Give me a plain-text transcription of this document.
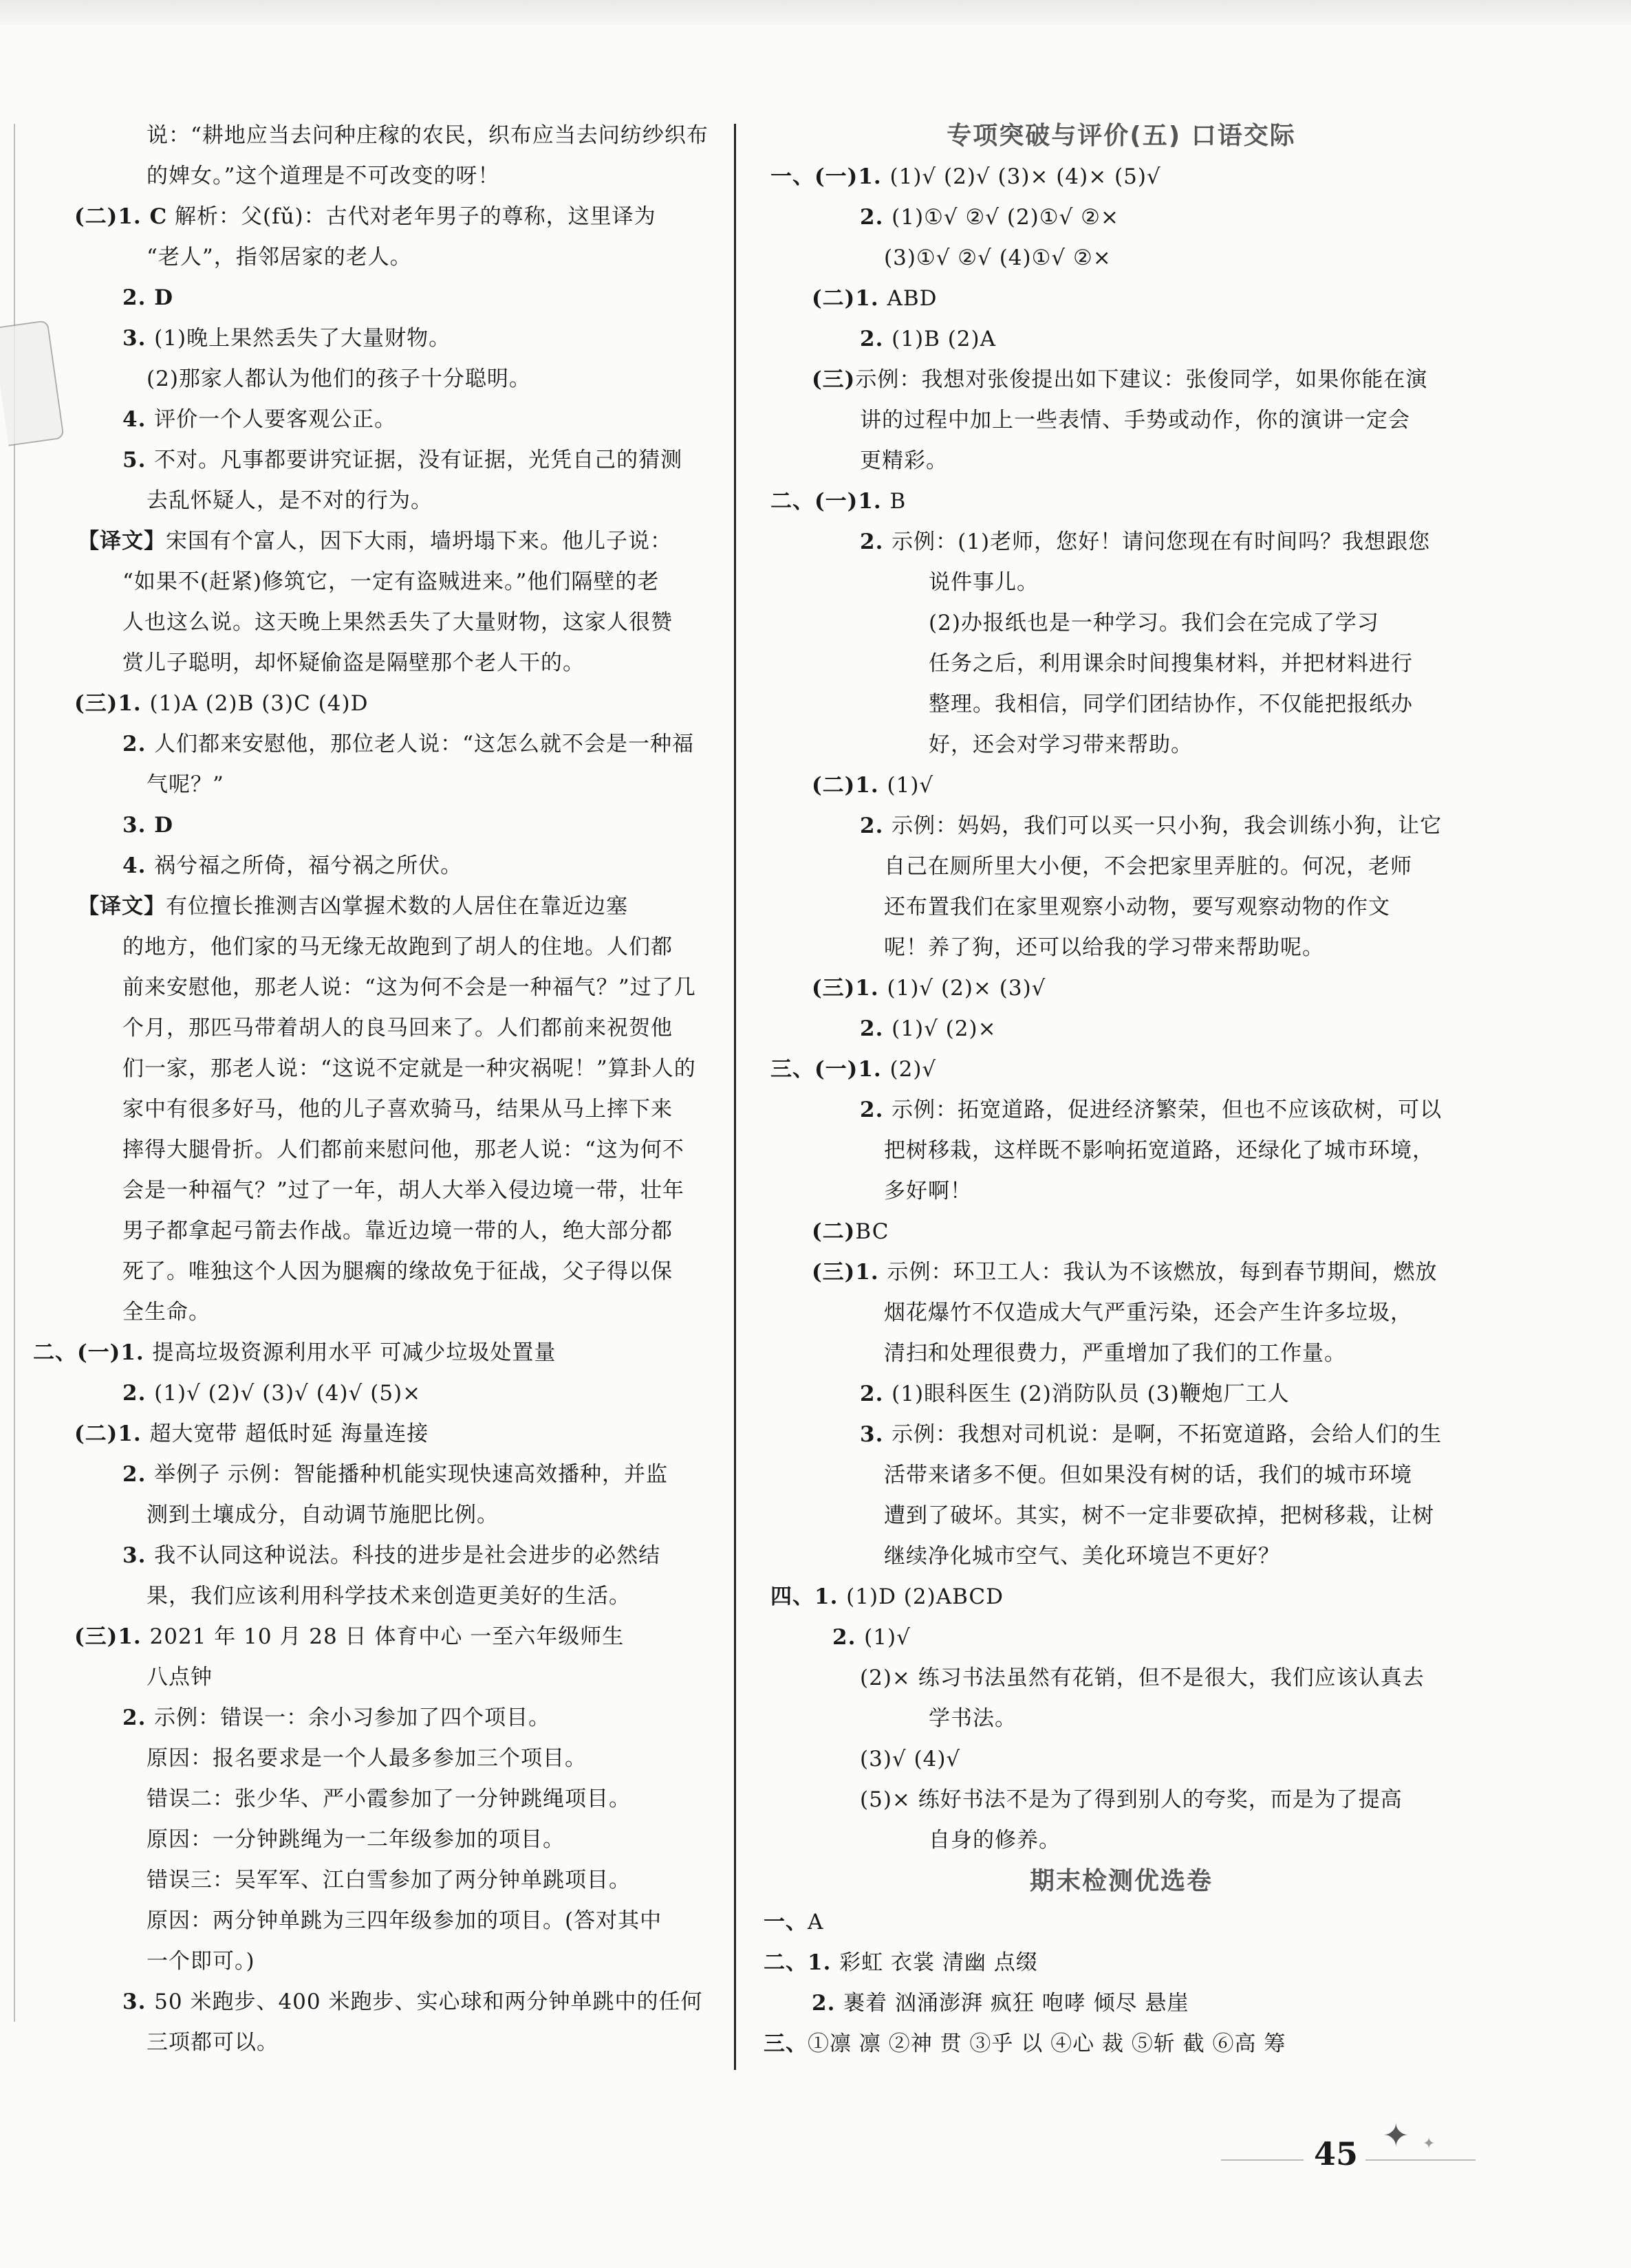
说：“耕地应当去问种庄稼的农民，织布应当去问纺纱织布
的婢女。”这个道理是不可改变的呀！
(二)1. C 解析：父(fǔ)：古代对老年男子的尊称，这里译为
“老人”，指邻居家的老人。
2. D
3. (1)晚上果然丢失了大量财物。
(2)那家人都认为他们的孩子十分聪明。
4. 评价一个人要客观公正。
5. 不对。凡事都要讲究证据，没有证据，光凭自己的猜测
去乱怀疑人，是不对的行为。
【译文】宋国有个富人，因下大雨，墙坍塌下来。他儿子说：
“如果不(赶紧)修筑它，一定有盗贼进来。”他们隔壁的老
人也这么说。这天晚上果然丢失了大量财物，这家人很赞
赏儿子聪明，却怀疑偷盗是隔壁那个老人干的。
(三)1. (1)A (2)B (3)C (4)D
2. 人们都来安慰他，那位老人说：“这怎么就不会是一种福
气呢？”
3. D
4. 祸兮福之所倚，福兮祸之所伏。
【译文】有位擅长推测吉凶掌握术数的人居住在靠近边塞
的地方，他们家的马无缘无故跑到了胡人的住地。人们都
前来安慰他，那老人说：“这为何不会是一种福气？”过了几
个月，那匹马带着胡人的良马回来了。人们都前来祝贺他
们一家，那老人说：“这说不定就是一种灾祸呢！”算卦人的
家中有很多好马，他的儿子喜欢骑马，结果从马上摔下来
摔得大腿骨折。人们都前来慰问他，那老人说：“这为何不
会是一种福气？”过了一年，胡人大举入侵边境一带，壮年
男子都拿起弓箭去作战。靠近边境一带的人，绝大部分都
死了。唯独这个人因为腿瘸的缘故免于征战，父子得以保
全生命。
二、(一)1. 提高垃圾资源利用水平 可减少垃圾处置量
2. (1)√ (2)√ (3)√ (4)√ (5)×
(二)1. 超大宽带 超低时延 海量连接
2. 举例子 示例：智能播种机能实现快速高效播种，并监
测到土壤成分，自动调节施肥比例。
3. 我不认同这种说法。科技的进步是社会进步的必然结
果，我们应该利用科学技术来创造更美好的生活。
(三)1. 2021 年 10 月 28 日 体育中心 一至六年级师生
八点钟
2. 示例：错误一：余小习参加了四个项目。
原因：报名要求是一个人最多参加三个项目。
错误二：张少华、严小霞参加了一分钟跳绳项目。
原因：一分钟跳绳为一二年级参加的项目。
错误三：吴军军、江白雪参加了两分钟单跳项目。
原因：两分钟单跳为三四年级参加的项目。(答对其中
一个即可。)
3. 50 米跑步、400 米跑步、实心球和两分钟单跳中的任何
三项都可以。
专项突破与评价(五) 口语交际
一、(一)1. (1)√ (2)√ (3)× (4)× (5)√
2. (1)①√ ②√ (2)①√ ②×
(3)①√ ②√ (4)①√ ②×
(二)1. ABD
2. (1)B (2)A
(三)示例：我想对张俊提出如下建议：张俊同学，如果你能在演
讲的过程中加上一些表情、手势或动作，你的演讲一定会
更精彩。
二、(一)1. B
2. 示例：(1)老师，您好！请问您现在有时间吗？我想跟您
说件事儿。
(2)办报纸也是一种学习。我们会在完成了学习
任务之后，利用课余时间搜集材料，并把材料进行
整理。我相信，同学们团结协作，不仅能把报纸办
好，还会对学习带来帮助。
(二)1. (1)√
2. 示例：妈妈，我们可以买一只小狗，我会训练小狗，让它
自己在厕所里大小便，不会把家里弄脏的。何况，老师
还布置我们在家里观察小动物，要写观察动物的作文
呢！养了狗，还可以给我的学习带来帮助呢。
(三)1. (1)√ (2)× (3)√
2. (1)√ (2)×
三、(一)1. (2)√
2. 示例：拓宽道路，促进经济繁荣，但也不应该砍树，可以
把树移栽，这样既不影响拓宽道路，还绿化了城市环境，
多好啊！
(二)BC
(三)1. 示例：环卫工人：我认为不该燃放，每到春节期间，燃放
烟花爆竹不仅造成大气严重污染，还会产生许多垃圾，
清扫和处理很费力，严重增加了我们的工作量。
2. (1)眼科医生 (2)消防队员 (3)鞭炮厂工人
3. 示例：我想对司机说：是啊，不拓宽道路，会给人们的生
活带来诸多不便。但如果没有树的话，我们的城市环境
遭到了破坏。其实，树不一定非要砍掉，把树移栽，让树
继续净化城市空气、美化环境岂不更好？
四、1. (1)D (2)ABCD
2. (1)√
(2)× 练习书法虽然有花销，但不是很大，我们应该认真去
学书法。
(3)√ (4)√
(5)× 练好书法不是为了得到别人的夸奖，而是为了提高
自身的修养。
期末检测优选卷
一、A
二、1. 彩虹 衣裳 清幽 点缀
2. 裹着 汹涌澎湃 疯狂 咆哮 倾尽 悬崖
三、①凛 凛 ②神 贯 ③乎 以 ④心 裁 ⑤斩 截 ⑥高 筹
45 ✦ ✦
